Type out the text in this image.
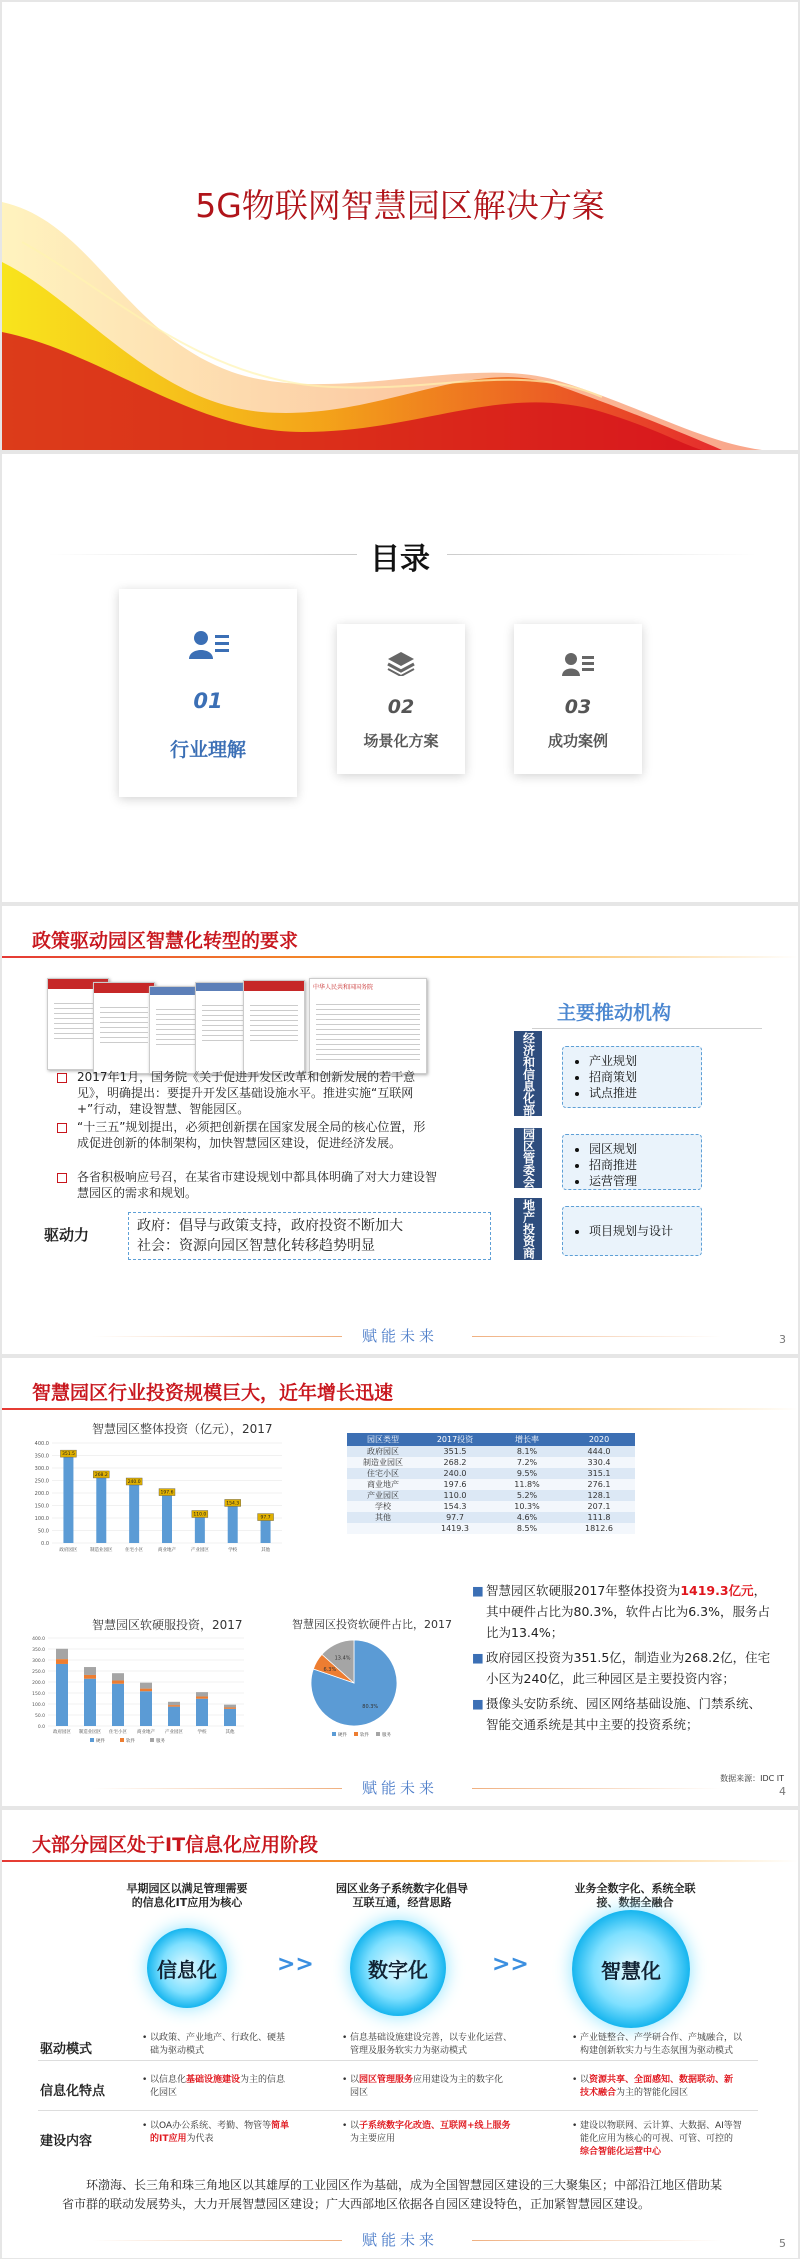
5G物联网智慧园区解决方案
目录
01
行业理解
02
场景化方案
03
成功案例
政策驱动园区智慧化转型的要求
中华人民共和国国务院
2017年1月，国务院《关于促进开发区改革和创新发展的若干意见》，明确提出：要提升开发区基础设施水平。推进实施“互联网+”行动，建设智慧、智能园区。
“十三五”规划提出，必须把创新摆在国家发展全局的核心位置，形成促进创新的体制架构，加快智慧园区建设，促进经济发展。
各省积极响应号召，在某省市建设规划中都具体明确了对大力建设智慧园区的需求和规划。
驱动力	政府：倡导与政策支持，政府投资不断加大
社会：资源向园区智慧化转移趋势明显
主要推动机构
经济和信息化部	• 产业规划
• 招商策划
• 试点推进
园区管委会	• 园区规划
• 招商推进
• 运营管理
地产投资商	• 项目规划与设计
赋能未来	3
智慧园区行业投资规模巨大，近年增长迅速
智慧园区整体投资（亿元），2017
400.0
350.0
300.0
250.0
200.0
150.0
100.0
50.0
0.0
351.5
政府园区
268.2
制造业园区
240.0
住宅小区
197.6
商业地产
110.0
产业园区
154.3
学校
97.7
其他
园区类型	2017投资	增长率	2020
政府园区	351.5	8.1%	444.0
制造业园区	268.2	7.2%	330.4
住宅小区	240.0	9.5%	315.1
商业地产	197.6	11.8%	276.1
产业园区	110.0	5.2%	128.1
学校	154.3	10.3%	207.1
其他	97.7	4.6%	111.8
	1419.3	8.5%	1812.6
智慧园区软硬服投资，2017
400.0
350.0
300.0
250.0
200.0
150.0
100.0
50.0
0.0
政府园区 制造业园区 住宅小区 商业地产 产业园区	学校	其他
硬件	软件	服务
智慧园区投资软硬件占比，2017
80.3%
6.3%
13.4%
硬件	软件	服务
■ 智慧园区软硬服2017年整体投资为1419.3亿元，其中硬件占比为80.3%，软件占比为6.3%，服务占比为13.4%；
■ 政府园区投资为351.5亿，制造业为268.2亿，住宅小区为240亿，此三种园区是主要投资内容；
■ 摄像头安防系统、园区网络基础设施、门禁系统、智能交通系统是其中主要的投资系统；
数据来源：IDC IT
赋能未来	4
大部分园区处于IT信息化应用阶段
早期园区以满足管理需要的信息化IT应用为核心
园区业务子系统数字化倡导互联互通，经营思路
业务全数字化、系统全联接、数据全融合
信息化	>>	数字化	>>	智慧化
驱动模式
• 以政策、产业地产、行政化、硬基础为驱动模式
• 信息基础设施建设完善，以专业化运营、管理及服务软实力为驱动模式
• 产业链整合、产学研合作、产城融合，以构建创新软实力与生态氛围为驱动模式
信息化特点
• 以信息化基础设施建设为主的信息化园区
• 以园区管理服务应用建设为主的数字化园区
• 以资源共享、全面感知、数据联动、新技术融合为主的智能化园区
建设内容
• 以OA办公系统、考勤、物管等简单的IT应用为代表
• 以子系统数字化改造、互联网+线上服务为主要应用
• 建设以物联网、云计算、大数据、AI等智能化应用为核心的可视、可管、可控的综合智能化运营中心
环渤海、长三角和珠三角地区以其雄厚的工业园区作为基础，成为全国智慧园区建设的三大聚集区；中部沿江地区借助某省市群的联动发展势头，大力开展智慧园区建设；广大西部地区依据各自园区建设特色，正加紧智慧园区建设。
赋能未来	5
